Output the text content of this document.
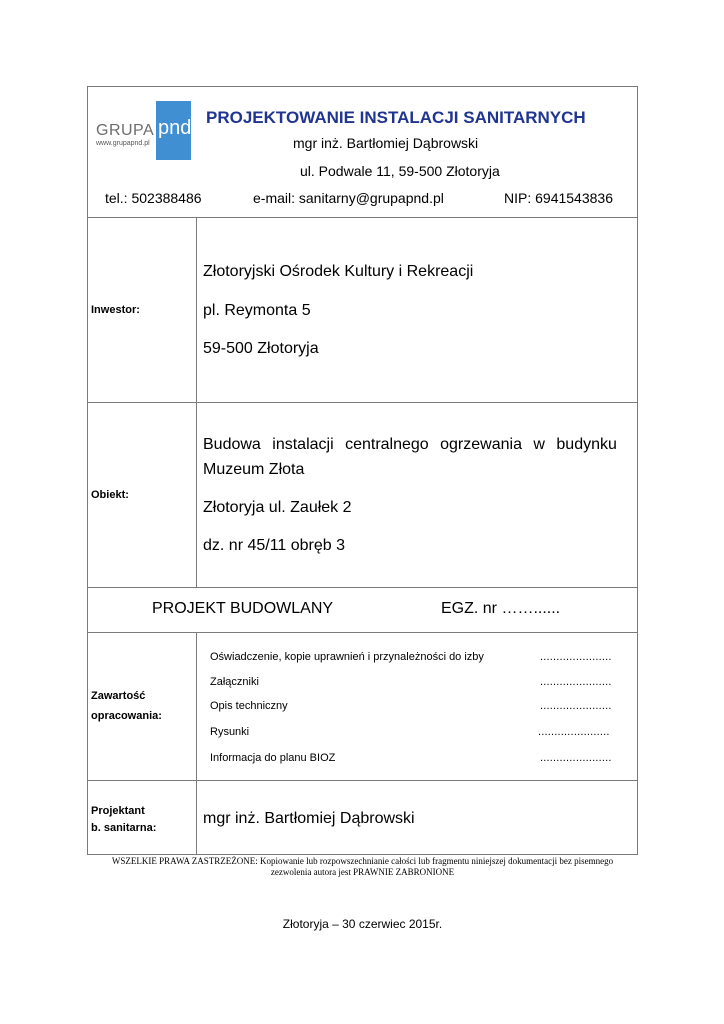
GRUPA pnd
www.grupapnd.pl
PROJEKTOWANIE INSTALACJI SANITARNYCH
mgr inż. Bartłomiej Dąbrowski
ul. Podwale 11, 59-500 Złotoryja
tel.: 502388486	e-mail: sanitarny@grupapnd.pl	NIP: 6941543836
Inwestor:
Złotoryjski Ośrodek Kultury i Rekreacji
pl. Reymonta 5
59-500 Złotoryja
Obiekt:
Budowa instalacji centralnego ogrzewania w budynku
Muzeum Złota
Złotoryja ul. Zaułek 2
dz. nr 45/11 obręb 3
PROJEKT BUDOWLANY	EGZ. nr ……......
Zawartość
opracowania:
Oświadczenie, kopie uprawnień i przynależności do izby	......................
Załączniki	......................
Opis techniczny	......................
Rysunki	......................
Informacja do planu BIOZ	......................
Projektant
b. sanitarna:
mgr inż. Bartłomiej Dąbrowski
WSZELKIE PRAWA ZASTRZEŻONE: Kopiowanie lub rozpowszechnianie całości lub fragmentu niniejszej dokumentacji bez pisemnego
zezwolenia autora jest PRAWNIE ZABRONIONE
Złotoryja – 30 czerwiec 2015r.
